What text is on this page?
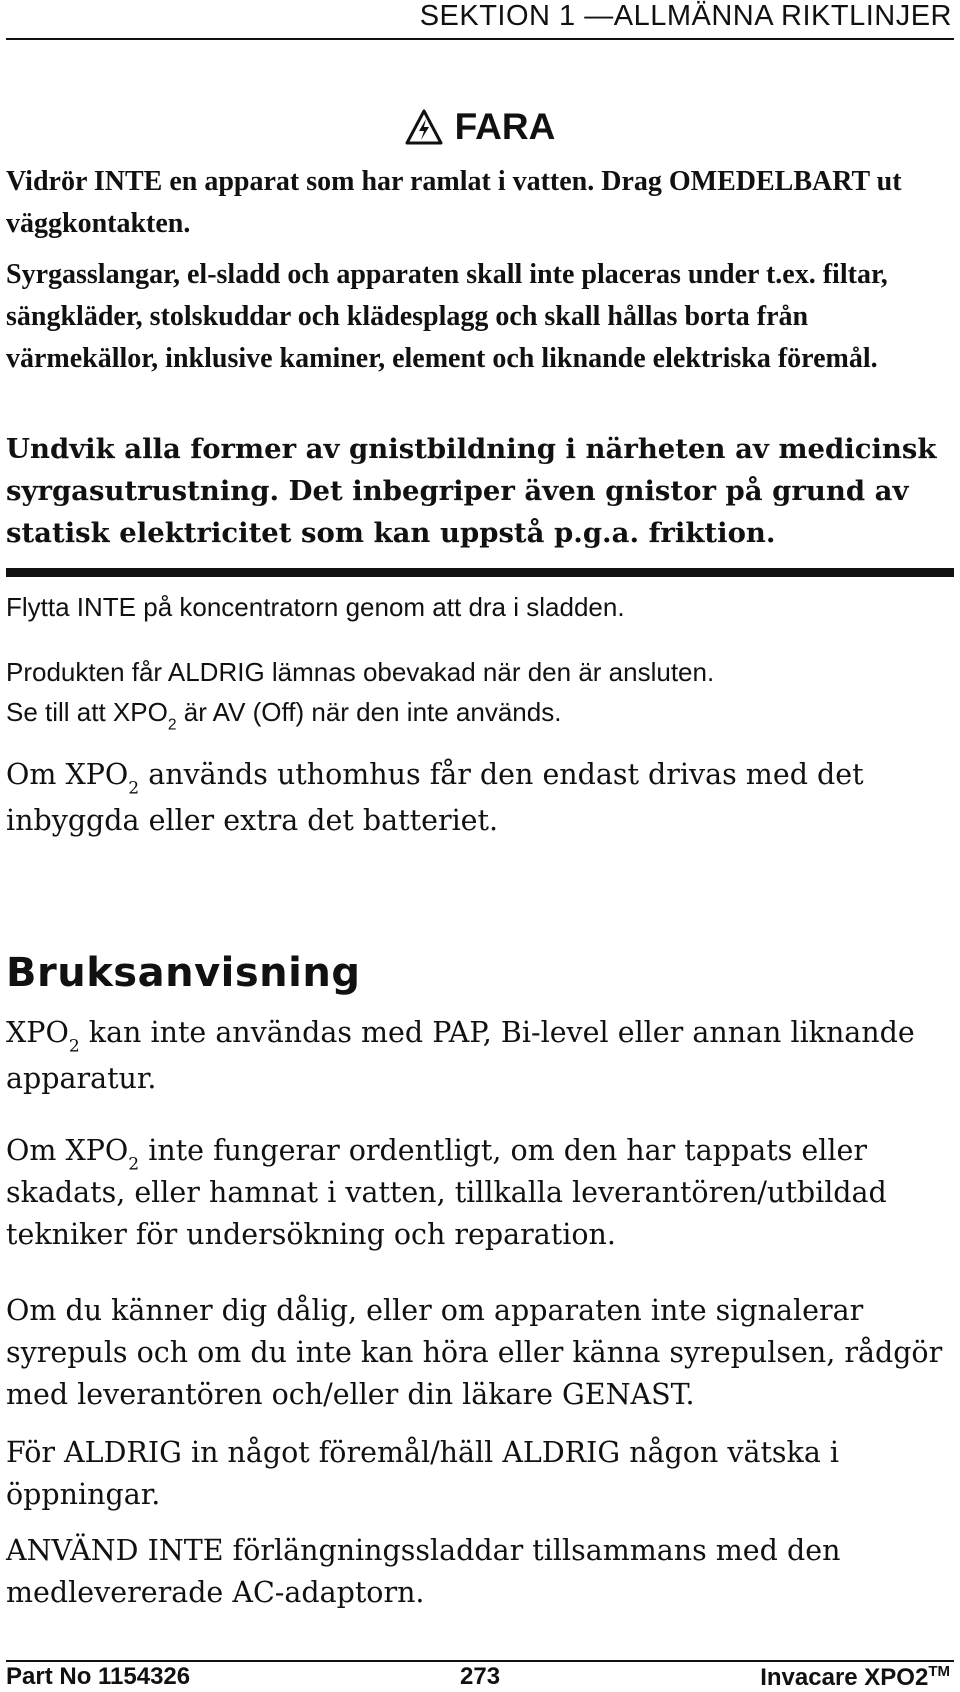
SEKTION 1 —ALLMÄNNA RIKTLINJER
FARA

Vidrör INTE en apparat som har ramlat i vatten. Drag OMEDELBART ut väggkontakten.

Syrgasslangar, el-sladd och apparaten skall inte placeras under t.ex. filtar, sängkläder, stolskuddar och klädesplagg och skall hållas borta från värmekällor, inklusive kaminer, element och liknande elektriska föremål.

Undvik alla former av gnistbildning i närheten av medicinsk syrgasutrustning. Det inbegriper även gnistor på grund av statisk elektricitet som kan uppstå p.g.a. friktion.

Flytta INTE på koncentratorn genom att dra i sladden.

Produkten får ALDRIG lämnas obevakad när den är ansluten.
Se till att $XPO_2$ är AV (Off) när den inte används.

Om $XPO_2$ används uthomhus får den endast drivas med det inbyggda eller extra det batteriet.

Bruksanvisning

$XPO_2$ kan inte användas med PAP, Bi-level eller annan liknande apparatur.

Om $XPO_2$ inte fungerar ordentligt, om den har tappats eller skadats, eller hamnat i vatten, tillkalla leverantören/utbildad tekniker för undersökning och reparation.

Om du känner dig dålig, eller om apparaten inte signalerar syrepuls och om du inte kan höra eller känna syrepulsen, rådgör med leverantören och/eller din läkare GENAST.

För ALDRIG in något föremål/häll ALDRIG någon vätska i öppningar.

ANVÄND INTE förlängningssladdar tillsammans med den medlevererade AC-adaptorn.

Part No 1154326	273	Invacare XPO2™
